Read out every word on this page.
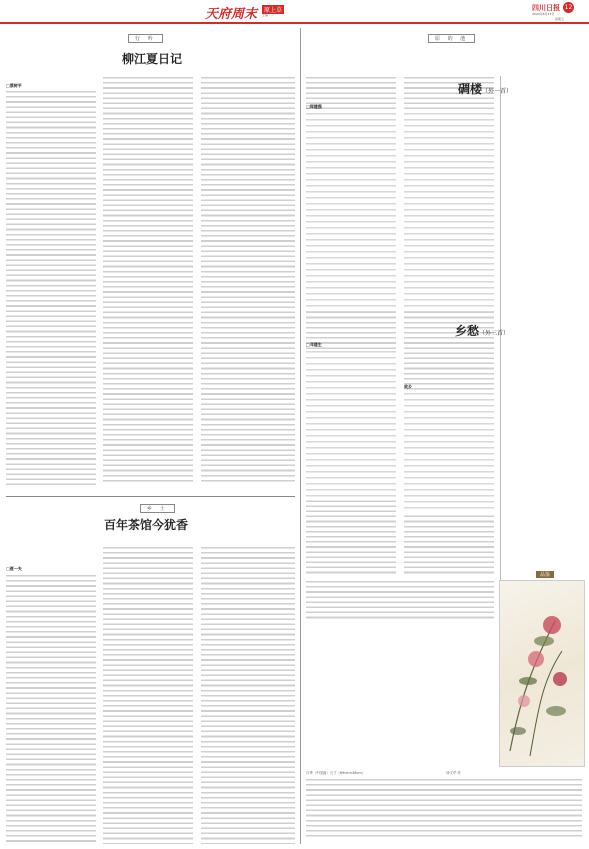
天府周末	原上草
主编 · ...
四川日报 12
2024年8月23日
星期五
行 吟
柳江夏日记
□蔡树平
乡 土
百年茶馆今犹香
□聂一夫
原 的 池
碉楼（外一首）
□郑建强
乡愁（外三首）
□邓建生
故乡
品鉴
月季（中国画）尺寸（69cm×46cm）	徐义华 作
